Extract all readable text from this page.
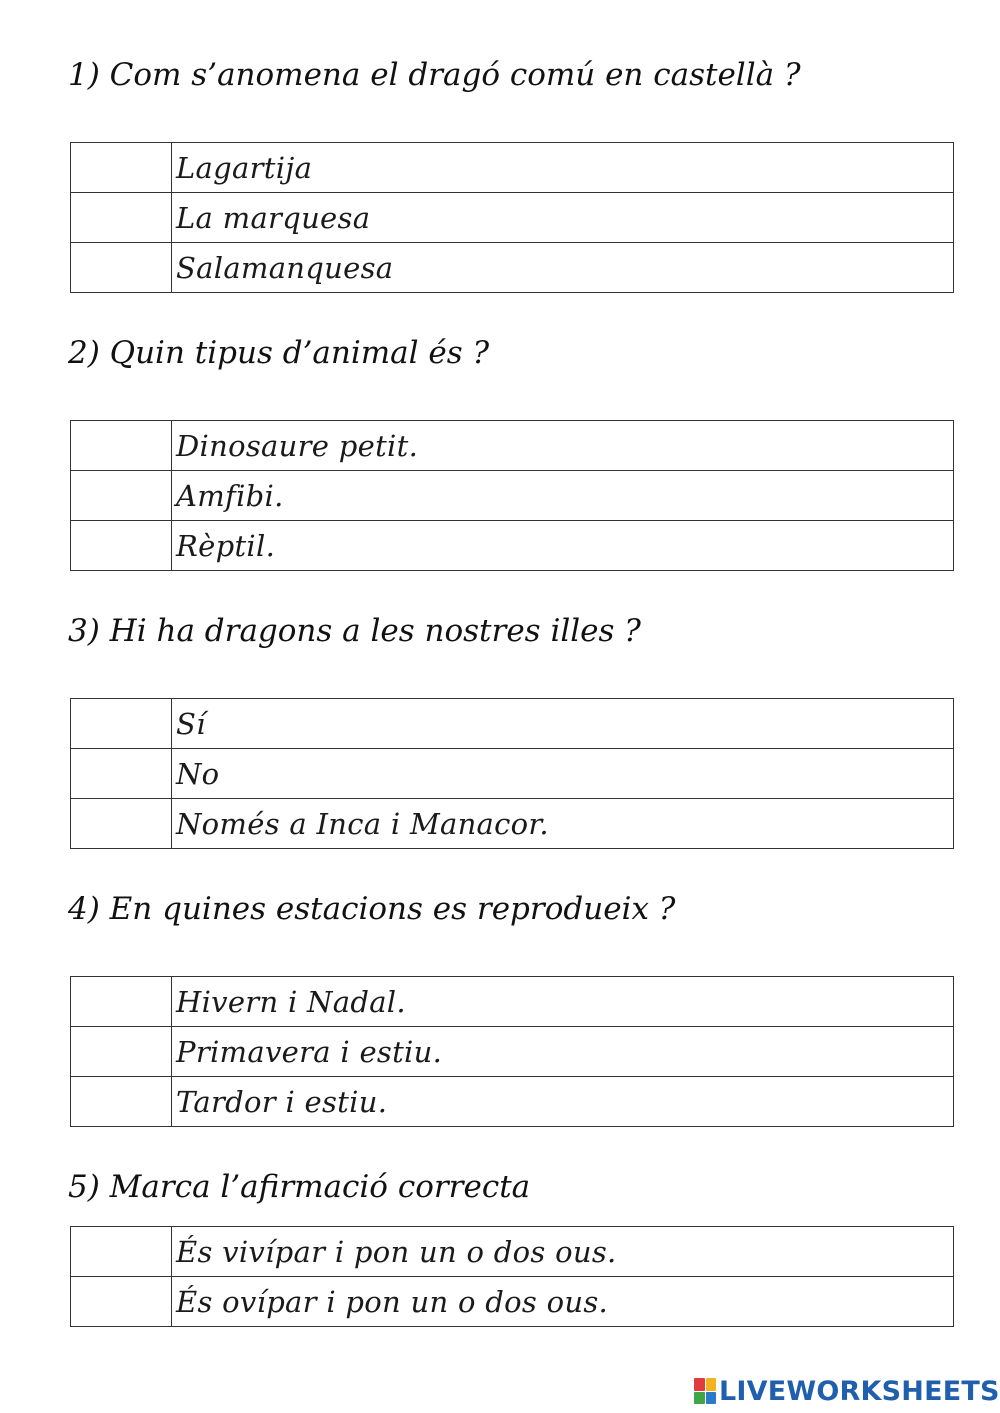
1) Com s’anomena el dragó comú en castellà ?
	Lagartija
	La marquesa
	Salamanquesa
2) Quin tipus d’animal és ?
	Dinosaure petit.
	Amfibi.
	Rèptil.
3) Hi ha dragons a les nostres illes ?
	Sí
	No
	Només a Inca i Manacor.
4) En quines estacions es reprodueix ?
	Hivern i Nadal.
	Primavera i estiu.
	Tardor i estiu.
5) Marca l’afirmació correcta
	És vivípar i pon un o dos ous.
	És ovípar i pon un o dos ous.
LIVEWORKSHEETS
